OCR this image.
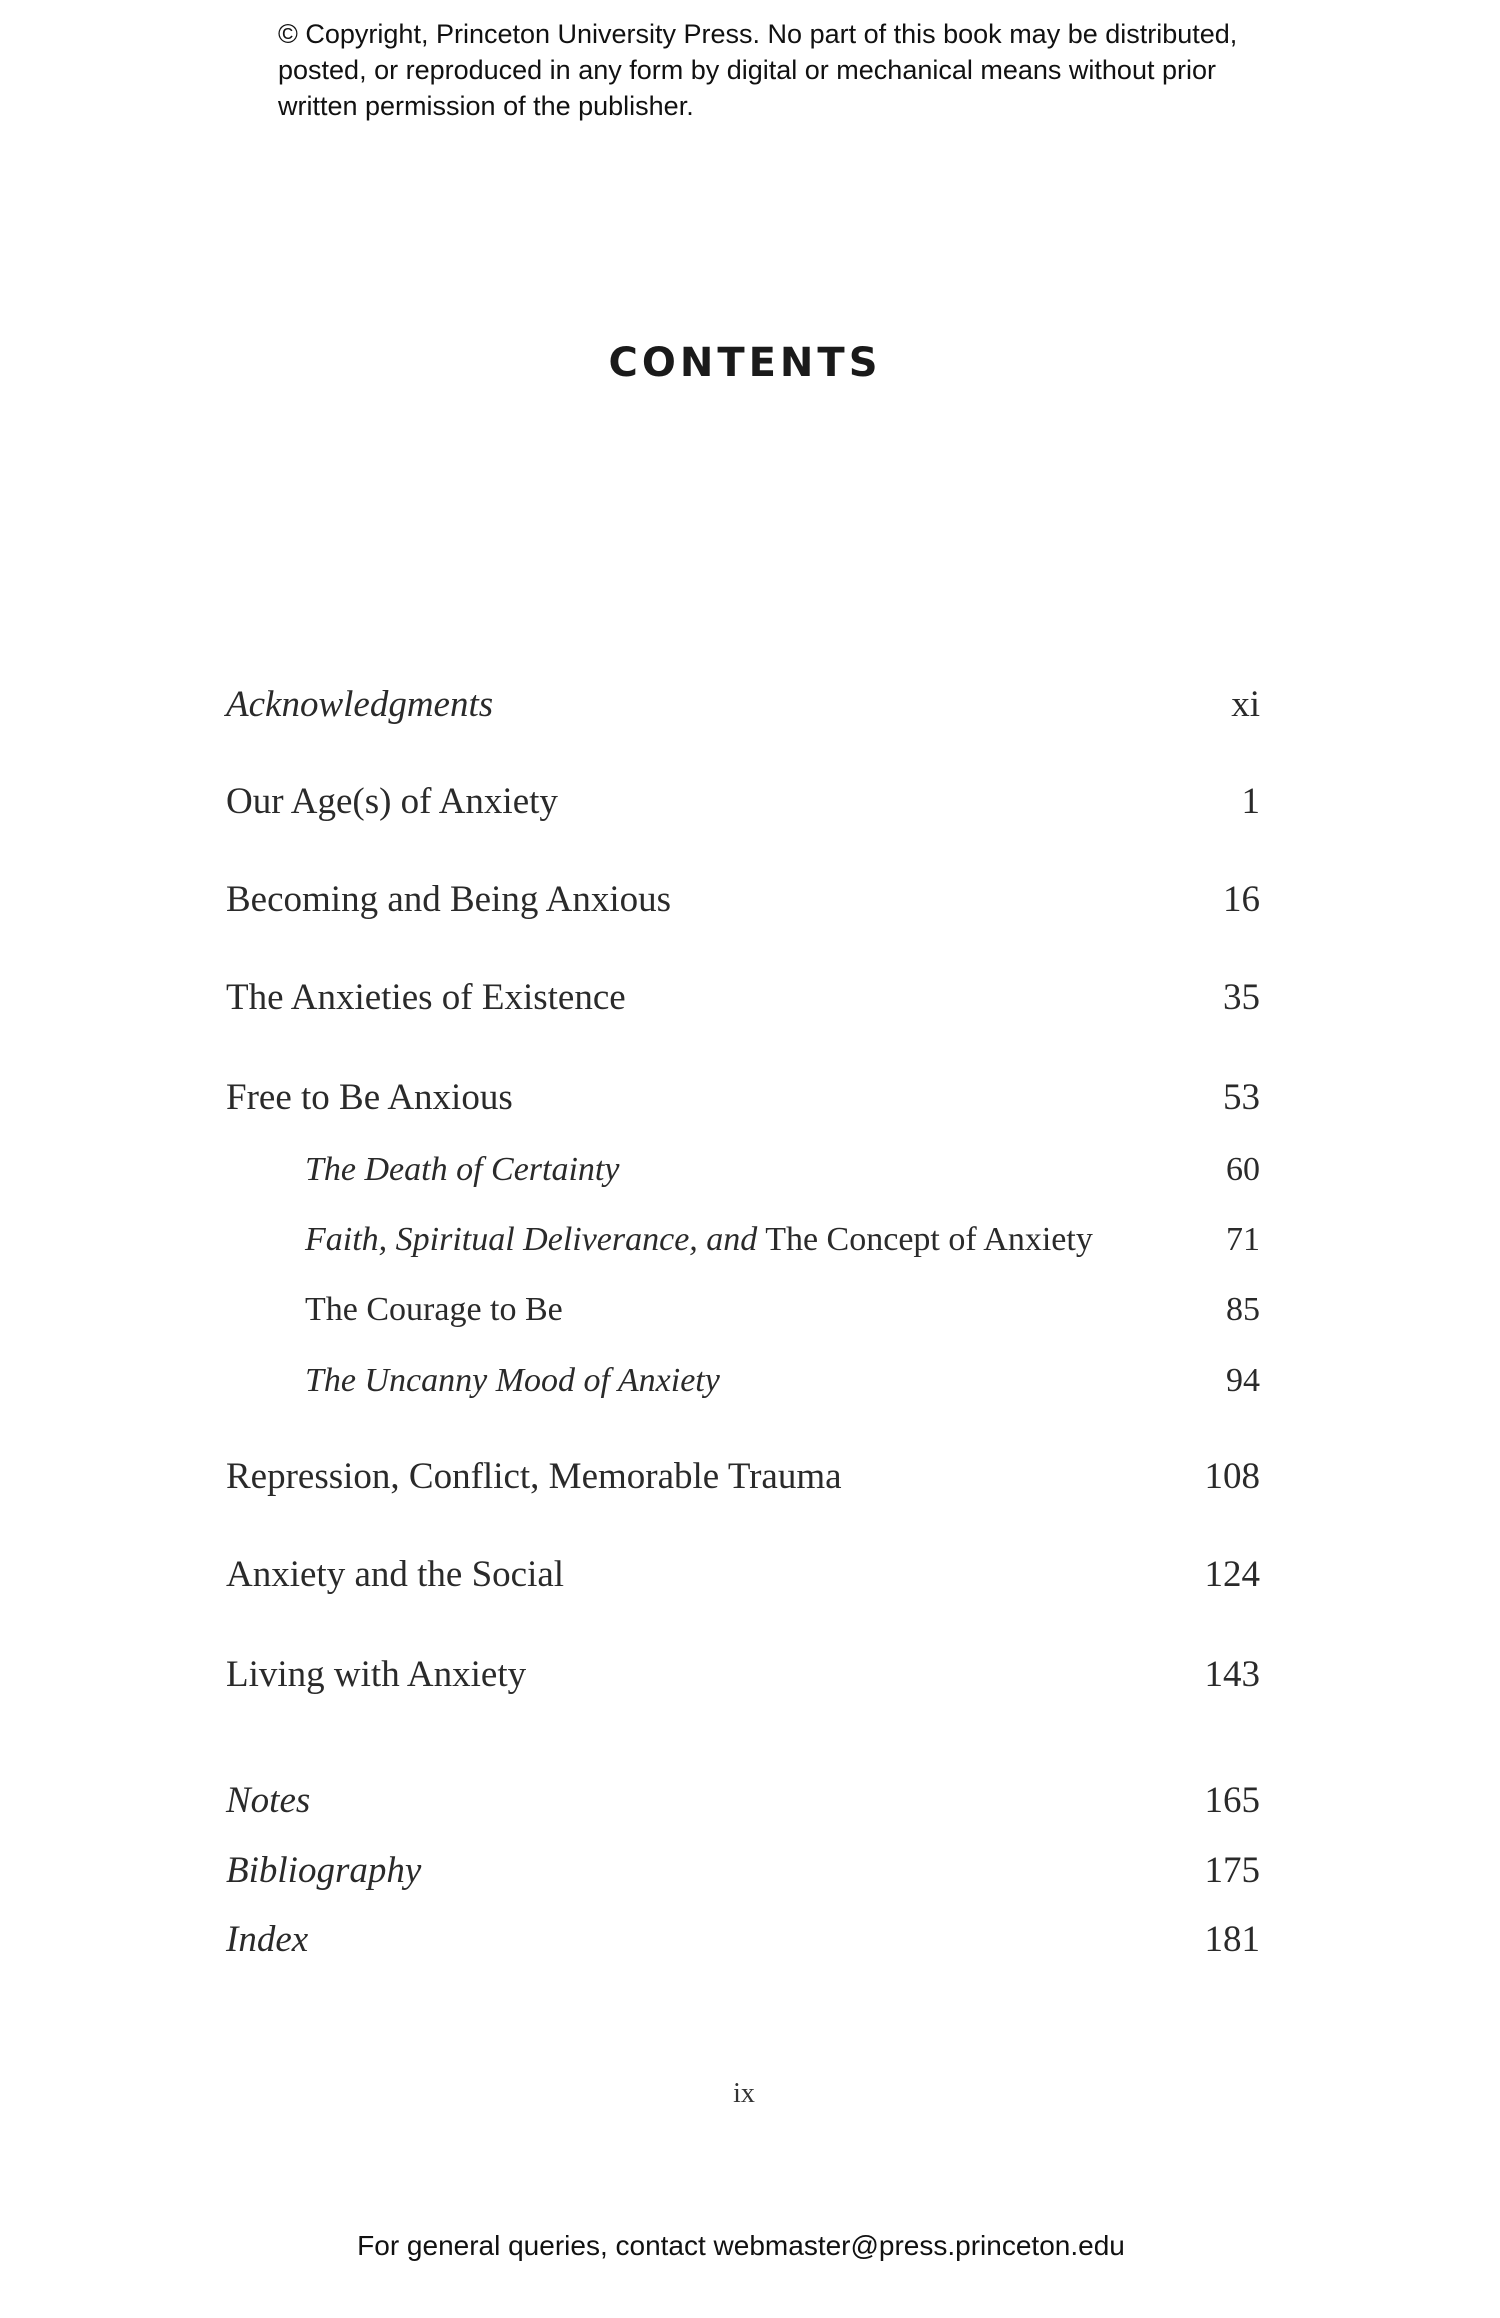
© Copyright, Princeton University Press. No part of this book may be distributed, posted, or reproduced in any form by digital or mechanical means without prior written permission of the publisher.
CONTENTS
Acknowledgments	xi
Our Age(s) of Anxiety	1
Becoming and Being Anxious	16
The Anxieties of Existence	35
Free to Be Anxious	53
The Death of Certainty	60
Faith, Spiritual Deliverance, and The Concept of Anxiety	71
The Courage to Be	85
The Uncanny Mood of Anxiety	94
Repression, Conflict, Memorable Trauma	108
Anxiety and the Social	124
Living with Anxiety	143
Notes	165
Bibliography	175
Index	181
ix
For general queries, contact webmaster@press.princeton.edu
